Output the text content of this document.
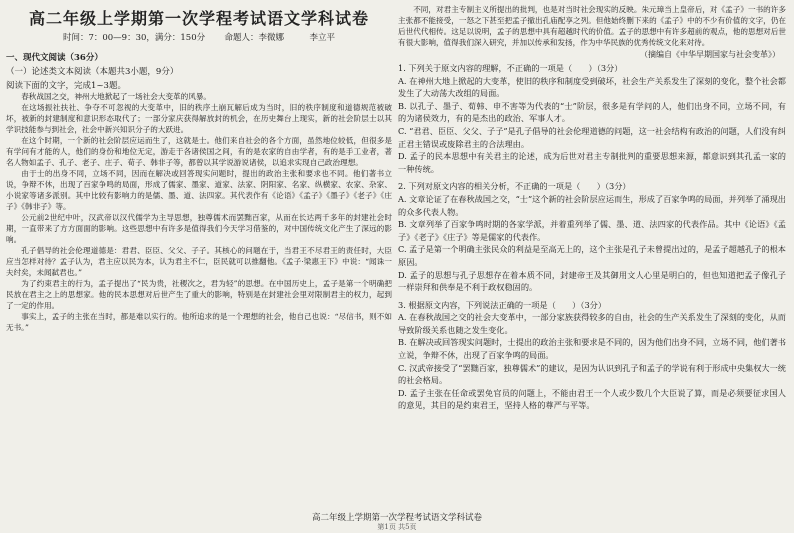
高二年级上学期第一次学程考试语文学科试卷
时间：7：00—9：30，满分：150分 命题人：李微娜　　　李立平
一、现代文阅读（36分）
（一）论述类文本阅读（本题共3小题，9分）
阅读下面的文字，完成1~3题。

春秋战国之交，神州大地掀起了一场社会大变革的风暴。

在这场振社扶社、争夺不可忽视的大变革中，旧的秩序土崩瓦解后成为当时，旧的秩序制度和道德规范被破坏，被新的封建制度和意识形态取代了；一部分家庆获得解放封的机会，在历史舞台上现实，新的社会阶层士以其学识技能参与到社会，社会中新兴知识分子的大跃进。

在这个时期，一个新的社会阶层应运而生了，这就是士。他们来自社会的各个方面，虽然地位较低，但很多是有学问有才能的人，他们的身份和地位无定，游走于各诸侯国之间，有的是农家的自由学者，有的是手工业者，著名人物如孟子、孔子、老子、庄子、荀子、韩非子等，都曾以其学说游说诸侯，以追求实现自己政治理想。

由于士的出身不同，立场不同，因而在解决或回答现实问题时，提出的政治主张和要求也不同。他们著书立说，争辩不休，出现了百家争鸣的局面，形成了儒家、墨家、道家、法家、阴阳家、名家、纵横家、农家、杂家、小说家等诸多派别。其中比较有影响力的是儒、墨、道、法四家。其代表作有《论语》《孟子》《墨子》《老子》《庄子》《韩非子》等。

公元前2世纪中叶，汉武帝以汉代儒学为主导思想，独尊儒术而罢黜百家，从而在长达两千多年的封建社会时期，一直带来了方方面面的影响。这些思想中有许多是值得我们今天学习借鉴的，对中国传统文化产生了深远的影响。

孔子倡导的社会伦理道德是：君君、臣臣、父父、子子。其核心的问题在于，当君王不尽君王的责任时，大臣应当怎样对待？孟子认为，君主应以民为本，认为君主不仁，臣民就可以推翻他。《孟子·梁惠王下》中说：“闻诛一夫纣矣，未闻弑君也。”

为了约束君主的行为，孟子提出了“民为贵，社稷次之，君为轻”的思想。在中国历史上，孟子是第一个明确把民放在君主之上的思想家。他的民本思想对后世产生了重大的影响，特别是在封建社会里对限制君主的权力，起到了一定的作用。

事实上，孟子的主张在当时，都是难以实行的。他所追求的是一个理想的社会，他自己也说：“尽信书，则不如无书。”

不同，对君主专制主义所提出的批判，也是对当时社会现实的反映。朱元璋当上皇帝后，对《孟子》一书的许多主张都不能接受，一怒之下甚至把孟子撤出孔庙配享之列。但他始终删下来的《孟子》中的不少有价值的文字，仍在后世代代相传。这足以说明，孟子的思想中具有超越时代的价值。孟子的思想中有许多超前的观点，他的思想对后世有很大影响，值得我们深入研究，并加以传承和发扬，作为中华民族的优秀传统文化来对待。

（摘编自《中华早期国家与社会变革》）

1. 下列关于原文内容的理解，不正确的一项是（　　）（3分）

A. 在神州大地上掀起的大变革，使旧的秩序和制度受到破坏，社会生产关系发生了深刻的变化，整个社会都发生了大动荡大改组的局面。

B. 以孔子、墨子、荀韩、申不害等为代表的“士”阶层，很多是有学问的人，他们出身不同，立场不同，有的为诸侯效力，有的是杰出的政治、军事人才。

C. “君君、臣臣、父父、子子”是孔子倡导的社会伦理道德的问题，这一社会结构有政治的问题，人们没有纠正君主错误或废除君主的合法理由。

D. 孟子的民本思想中有关君主的论述，成为后世对君主专制批判的重要思想来源，都意识到其孔孟一家的一种传统。

2. 下列对原文内容的相关分析，不正确的一项是（　　）（3分）

A. 文章论证了在春秋战国之交，“士”这个新的社会阶层应运而生，形成了百家争鸣的局面，并列举了涌现出的众多代表人物。

B. 文章列举了百家争鸣时期的各家学派，并着重列举了儒、墨、道、法四家的代表作品。其中《论语》《孟子》《老子》《庄子》等是儒家的代表作。

C. 孟子是第一个明确主张民众的利益是至高无上的，这个主张是孔子未曾提出过的，是孟子超越孔子的根本原因。

D. 孟子的思想与孔子思想存在着本质不同，封建帝王及其御用文人心里是明白的，但也知道把孟子像孔子一样崇拜和供奉是不利于政权稳固的。

3. 根据原文内容，下列说法正确的一项是（　　）（3分）

A. 在春秋战国之交的社会大变革中，一部分家族获得较多的自由，社会的生产关系发生了深刻的变化，从而导致阶级关系也随之发生变化。

B. 在解决或回答现实问题时，士提出的政治主张和要求是不同的，因为他们出身不同，立场不同，他们著书立说，争辩不休，出现了百家争鸣的局面。

C. 汉武帝接受了“罢黜百家，独尊儒术”的建议，是因为认识到孔子和孟子的学说有利于形成中央集权大一统的社会格局。

D. 孟子主张在任命或罢免官员的问题上，不能由君王一个人或少数几个大臣说了算，而是必须要征求国人的意见，其目的是约束君王，坚持人格的尊严与平等。

高二年级上学期第一次学程考试语文学科试卷
第1页 共5页
